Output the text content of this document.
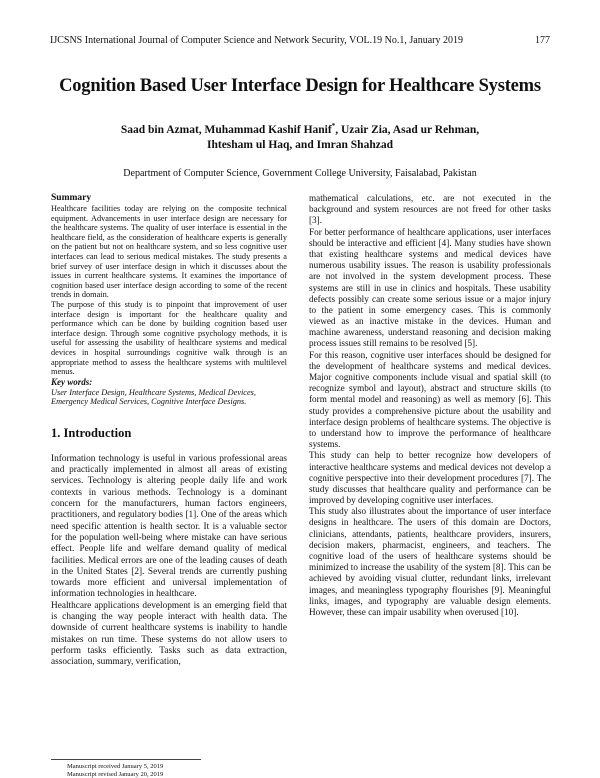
IJCSNS International Journal of Computer Science and Network Security, VOL.19 No.1, January 2019	177
Cognition Based User Interface Design for Healthcare Systems
Saad bin Azmat, Muhammad Kashif Hanif*, Uzair Zia, Asad ur Rehman,
Ihtesham ul Haq, and Imran Shahzad
Department of Computer Science, Government College University, Faisalabad, Pakistan
Summary

Healthcare facilities today are relying on the composite technical equipment. Advancements in user interface design are necessary for the healthcare systems. The quality of user interface is essential in the healthcare field, as the consideration of healthcare experts is generally on the patient but not on healthcare system, and so less cognitive user interfaces can lead to serious medical mistakes. The study presents a brief survey of user interface design in which it discusses about the issues in current healthcare systems. It examines the importance of cognition based user interface design according to some of the recent trends in domain.

The purpose of this study is to pinpoint that improvement of user interface design is important for the healthcare quality and performance which can be done by building cognition based user interface design. Through some cognitive psychology methods, it is useful for assessing the usability of healthcare systems and medical devices in hospital surroundings cognitive walk through is an appropriate method to assess the healthcare systems with multilevel menus.

Key words:

User Interface Design, Healthcare Systems, Medical Devices, Emergency Medical Services, Cognitive Interface Designs.

1. Introduction

Information technology is useful in various professional areas and practically implemented in almost all areas of existing services. Technology is altering people daily life and work contexts in various methods. Technology is a dominant concern for the manufacturers, human factors engineers, practitioners, and regulatory bodies [1]. One of the areas which need specific attention is health sector. It is a valuable sector for the population well-being where mistake can have serious effect. People life and welfare demand quality of medical facilities. Medical errors are one of the leading causes of death in the United States [2]. Several trends are currently pushing towards more efficient and universal implementation of information technologies in healthcare.

Healthcare applications development is an emerging field that is changing the way people interact with health data. The downside of current healthcare systems is inability to handle mistakes on run time. These systems do not allow users to perform tasks efficiently. Tasks such as data extraction, association, summary, verification,

mathematical calculations, etc. are not executed in the background and system resources are not freed for other tasks [3].

For better performance of healthcare applications, user interfaces should be interactive and efficient [4]. Many studies have shown that existing healthcare systems and medical devices have numerous usability issues. The reason is usability professionals are not involved in the system development process. These systems are still in use in clinics and hospitals. These usability defects possibly can create some serious issue or a major injury to the patient in some emergency cases. This is commonly viewed as an inactive mistake in the devices. Human and machine awareness, understand reasoning and decision making process issues still remains to be resolved [5].

For this reason, cognitive user interfaces should be designed for the development of healthcare systems and medical devices. Major cognitive components include visual and spatial skill (to recognize symbol and layout), abstract and structure skills (to form mental model and reasoning) as well as memory [6]. This study provides a comprehensive picture about the usability and interface design problems of healthcare systems. The objective is to understand how to improve the performance of healthcare systems.

This study can help to better recognize how developers of interactive healthcare systems and medical devices not develop a cognitive perspective into their development procedures [7]. The study discusses that healthcare quality and performance can be improved by developing cognitive user interfaces.

This study also illustrates about the importance of user interface designs in healthcare. The users of this domain are Doctors, clinicians, attendants, patients, healthcare providers, insurers, decision makers, pharmacist, engineers, and teachers. The cognitive load of the users of healthcare systems should be minimized to increase the usability of the system [8]. This can be achieved by avoiding visual clutter, redundant links, irrelevant images, and meaningless typography flourishes [9]. Meaningful links, images, and typography are valuable design elements. However, these can impair usability when overused [10].

Manuscript received January 5, 2019
Manuscript revised January 20, 2019
